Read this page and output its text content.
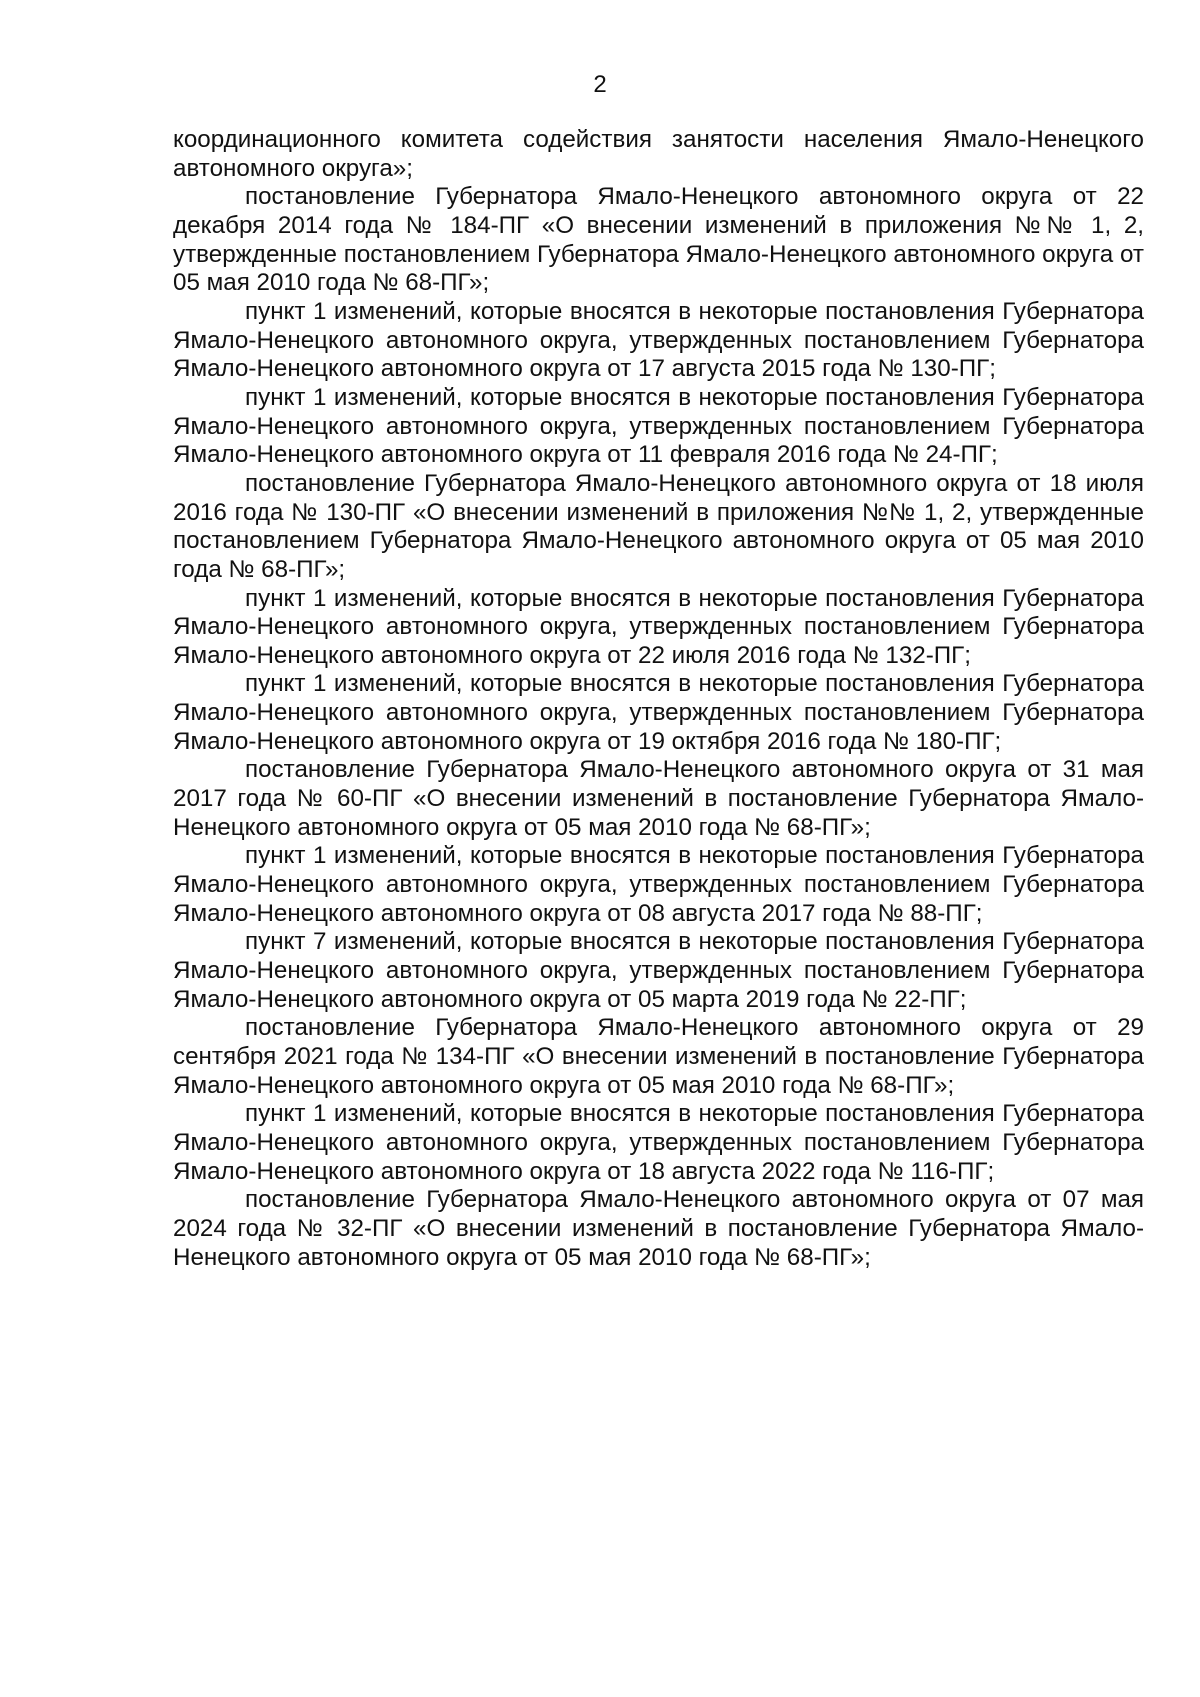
2

координационного комитета содействия занятости населения Ямало-Ненецкого автономного округа»;

постановление Губернатора Ямало-Ненецкого автономного округа от 22 декабря 2014 года № 184-ПГ «О внесении изменений в приложения №№ 1, 2, утвержденные постановлением Губернатора Ямало-Ненецкого автономного округа от 05 мая 2010 года № 68-ПГ»;

пункт 1 изменений, которые вносятся в некоторые постановления Губернатора Ямало-Ненецкого автономного округа, утвержденных постановлением Губернатора Ямало-Ненецкого автономного округа от 17 августа 2015 года № 130-ПГ;

пункт 1 изменений, которые вносятся в некоторые постановления Губернатора Ямало-Ненецкого автономного округа, утвержденных постановлением Губернатора Ямало-Ненецкого автономного округа от 11 февраля 2016 года № 24-ПГ;

постановление Губернатора Ямало-Ненецкого автономного округа от 18 июля 2016 года № 130-ПГ «О внесении изменений в приложения №№ 1, 2, утвержденные постановлением Губернатора Ямало-Ненецкого автономного округа от 05 мая 2010 года № 68-ПГ»;

пункт 1 изменений, которые вносятся в некоторые постановления Губернатора Ямало-Ненецкого автономного округа, утвержденных постановлением Губернатора Ямало-Ненецкого автономного округа от 22 июля 2016 года № 132-ПГ;

пункт 1 изменений, которые вносятся в некоторые постановления Губернатора Ямало-Ненецкого автономного округа, утвержденных постановлением Губернатора Ямало-Ненецкого автономного округа от 19 октября 2016 года № 180-ПГ;

постановление Губернатора Ямало-Ненецкого автономного округа от 31 мая 2017 года № 60-ПГ «О внесении изменений в постановление Губернатора Ямало-Ненецкого автономного округа от 05 мая 2010 года № 68-ПГ»;

пункт 1 изменений, которые вносятся в некоторые постановления Губернатора Ямало-Ненецкого автономного округа, утвержденных постановлением Губернатора Ямало-Ненецкого автономного округа от 08 августа 2017 года № 88-ПГ;

пункт 7 изменений, которые вносятся в некоторые постановления Губернатора Ямало-Ненецкого автономного округа, утвержденных постановлением Губернатора Ямало-Ненецкого автономного округа от 05 марта 2019 года № 22-ПГ;

постановление Губернатора Ямало-Ненецкого автономного округа от 29 сентября 2021 года № 134-ПГ «О внесении изменений в постановление Губернатора Ямало-Ненецкого автономного округа от 05 мая 2010 года № 68-ПГ»;

пункт 1 изменений, которые вносятся в некоторые постановления Губернатора Ямало-Ненецкого автономного округа, утвержденных постановлением Губернатора Ямало-Ненецкого автономного округа от 18 августа 2022 года № 116-ПГ;

постановление Губернатора Ямало-Ненецкого автономного округа от 07 мая 2024 года № 32-ПГ «О внесении изменений в постановление Губернатора Ямало-Ненецкого автономного округа от 05 мая 2010 года № 68-ПГ»;
